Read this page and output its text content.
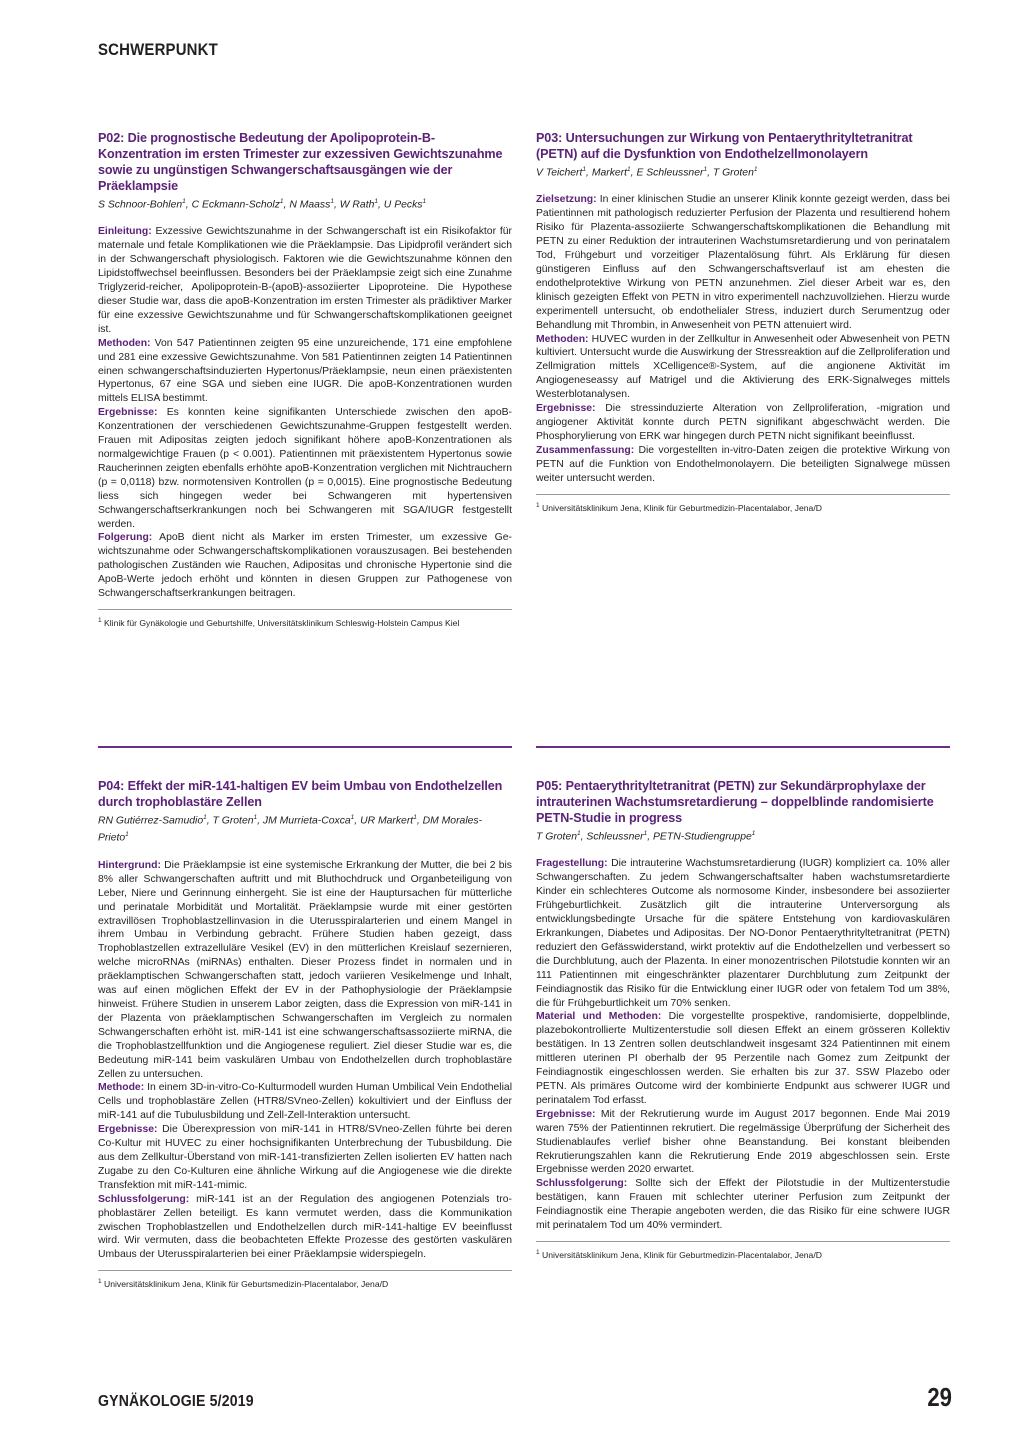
SCHWERPUNKT
P02: Die prognostische Bedeutung der Apolipoprotein-B-Konzentration im ersten Trimester zur exzessiven Gewichtszunahme sowie zu ungünstigen Schwangerschaftsausgängen wie der Präeklampsie
S Schnoor-Bohlen$^1$, C Eckmann-Scholz$^1$, N Maass$^1$, W Rath$^1$, U Pecks$^1$

Einleitung: Exzessive Gewichtszunahme in der Schwangerschaft ist ein Risikofaktor für maternale und fetale Komplikationen wie die Präeklampsie. Das Lipidprofil verändert sich in der Schwangerschaft physiologisch. Faktoren wie die Gewichtszunahme können den Lipidstoffwechsel beeinflussen. Besonders bei der Präeklampsie zeigt sich eine Zunahme Triglyzerid-reicher, Apolipoprotein-B-(apoB)-assoziierter Lipoproteine. Die Hypothese dieser Studie war, dass die apoB-Konzentration im ersten Trimester als prädiktiver Marker für eine exzessive Gewichtszunahme und für Schwangerschaftskomplikationen geeignet ist.

Methoden: Von 547 Patientinnen zeigten 95 eine unzureichende, 171 eine empfohlene und 281 eine exzessive Gewichtszunahme. Von 581 Patientinnen zeigten 14 Patientinnen einen schwangerschaftsinduzierten Hypertonus/Präeklampsie, neun einen präexistenten Hypertonus, 67 eine SGA und sieben eine IUGR. Die apoB-Konzentrationen wurden mittels ELISA bestimmt.

Ergebnisse: Es konnten keine signifikanten Unterschiede zwischen den apoB-Konzentrationen der verschiedenen Gewichtszunahme-Gruppen festgestellt werden. Frauen mit Adipositas zeigten jedoch signifikant höhere apoB-Konzentrationen als normalgewichtige Frauen (p < 0.001). Patientinnen mit präexistentem Hypertonus sowie Raucherinnen zeigten ebenfalls erhöhte apoB-Konzentration verglichen mit Nichtrauchern (p = 0,0118) bzw. normotensiven Kontrollen (p = 0,0015). Eine prognostische Bedeutung liess sich hingegen weder bei Schwangeren mit hypertensiven Schwangerschaftserkrankungen noch bei Schwangeren mit SGA/IUGR festgestellt werden.

Folgerung: ApoB dient nicht als Marker im ersten Trimester, um exzessive Gewichtszunahme oder Schwangerschaftskomplikationen vorauszusagen. Bei bestehenden pathologischen Zuständen wie Rauchen, Adipositas und chronische Hypertonie sind die ApoB-Werte jedoch erhöht und könnten in diesen Gruppen zur Pathogenese von Schwangerschaftserkrankungen beitragen.

$^1$ Klinik für Gynäkologie und Geburtshilfe, Universitätsklinikum Schleswig-Holstein Campus Kiel
P03: Untersuchungen zur Wirkung von Pentaerythrityltetranitrat (PETN) auf die Dysfunktion von Endothelzellmonolayern
V Teichert$^1$, Markert$^1$, E Schleussner$^1$, T Groten$^1$

Zielsetzung: In einer klinischen Studie an unserer Klinik konnte gezeigt werden, dass bei Patientinnen mit pathologisch reduzierter Perfusion der Plazenta und resultierend hohem Risiko für Plazenta-assoziierte Schwangerschaftskomplikationen die Behandlung mit PETN zu einer Reduktion der intrauterinen Wachstumsretardierung und von perinatalem Tod, Frühgeburt und vorzeitiger Plazentalösung führt. Als Erklärung für diesen günstigeren Einfluss auf den Schwangerschaftsverlauf ist am ehesten die endothelprotektive Wirkung von PETN anzunehmen. Ziel dieser Arbeit war es, den klinisch gezeigten Effekt von PETN in vitro experimentell nachzuvollziehen. Hierzu wurde experimentell untersucht, ob endothelialer Stress, induziert durch Serumentzug oder Behandlung mit Thrombin, in Anwesenheit von PETN attenuiert wird.

Methoden: HUVEC wurden in der Zellkultur in Anwesenheit oder Abwesenheit von PETN kultiviert. Untersucht wurde die Auswirkung der Stressreaktion auf die Zellproliferation und Zellmigration mittels XCelligence®-System, auf die angionene Aktivität im Angiogeneseassy auf Matrigel und die Aktivierung des ERK-Signalweges mittels Westerblotanalysen.

Ergebnisse: Die stressinduzierte Alteration von Zellproliferation, -migration und angiogener Aktivität konnte durch PETN signifikant abgeschwächt werden. Die Phosphorylierung von ERK war hingegen durch PETN nicht signifikant beeinflusst.

Zusammenfassung: Die vorgestellten in-vitro-Daten zeigen die protektive Wirkung von PETN auf die Funktion von Endothelmonolayern. Die beteiligten Signalwege müssen weiter untersucht werden.

$^1$ Universitätsklinikum Jena, Klinik für Geburtmedizin-Placentalabor, Jena/D
P04: Effekt der miR-141-haltigen EV beim Umbau von Endothelzellen durch trophoblastäre Zellen
RN Gutiérrez-Samudio$^1$, T Groten$^1$, JM Murrieta-Coxca$^1$, UR Markert$^1$, DM Morales-Prieto$^1$

Hintergrund: Die Präeklampsie ist eine systemische Erkrankung der Mutter, die bei 2 bis 8% aller Schwangerschaften auftritt und mit Bluthochdruck und Organbeteiligung von Leber, Niere und Gerinnung einhergeht. Sie ist eine der Hauptursachen für mütterliche und perinatale Morbidität und Mortalität. Präeklampsie wurde mit einer gestörten extravillösen Trophoblastzellinvasion in die Uterusspiralarterien und einem Mangel in ihrem Umbau in Verbindung gebracht. Frühere Studien haben gezeigt, dass Trophoblastzellen extrazelluläre Vesikel (EV) in den mütterlichen Kreislauf sezernieren, welche microRNAs (miRNAs) enthalten. Dieser Prozess findet in normalen und in präeklamptischen Schwangerschaften statt, jedoch variieren Vesikelmenge und Inhalt, was auf einen möglichen Effekt der EV in der Pathophysiologie der Präeklampsie hinweist. Frühere Studien in unserem Labor zeigten, dass die Expression von miR-141 in der Plazenta von präeklamptischen Schwangerschaften im Vergleich zu normalen Schwangerschaften erhöht ist. miR-141 ist eine schwangerschaftsassoziierte miRNA, die die Trophoblastzellfunktion und die Angiogenese reguliert. Ziel dieser Studie war es, die Bedeutung miR-141 beim vaskulären Umbau von Endothelzellen durch trophoblastäre Zellen zu untersuchen.

Methode: In einem 3D-in-vitro-Co-Kulturmodell wurden Human Umbilical Vein Endothelial Cells und trophoblastäre Zellen (HTR8/SVneo-Zellen) kokultiviert und der Einfluss der miR-141 auf die Tubulusbildung und Zell-Zell-Interaktion untersucht.

Ergebnisse: Die Überexpression von miR-141 in HTR8/SVneo-Zellen führte bei deren Co-Kultur mit HUVEC zu einer hochsignifikanten Unterbrechung der Tubusbildung. Die aus dem Zellkultur-Überstand von miR-141-transfizierten Zellen isolierten EV hatten nach Zugabe zu den Co-Kulturen eine ähnliche Wirkung auf die Angiogenese wie die direkte Transfektion mit miR-141-mimic.

Schlussfolgerung: miR-141 ist an der Regulation des angiogenen Potenzials trophoblastärer Zellen beteiligt. Es kann vermutet werden, dass die Kommunikation zwischen Trophoblastzellen und Endothelzellen durch miR-141-haltige EV beeinflusst wird. Wir vermuten, dass die beobachteten Effekte Prozesse des gestörten vaskulären Umbaus der Uterusspiralarterien bei einer Präeklampsie widerspiegeln.

$^1$ Universitätsklinikum Jena, Klinik für Geburtsmedizin-Placentalabor, Jena/D
P05: Pentaerythrityltetranitrat (PETN) zur Sekundärprophylaxe der intrauterinen Wachstumsretardierung – doppelblinde randomisierte PETN-Studie in progress
T Groten$^1$, Schleussner$^1$, PETN-Studiengruppe$^1$

Fragestellung: Die intrauterine Wachstumsretardierung (IUGR) kompliziert ca. 10% aller Schwangerschaften. Zu jedem Schwangerschaftsalter haben wachstumsretardierte Kinder ein schlechteres Outcome als normosome Kinder, insbesondere bei assoziierter Frühgeburtlichkeit. Zusätzlich gilt die intrauterine Unterversorgung als entwicklungsbedingte Ursache für die spätere Entstehung von kardiovaskulären Erkrankungen, Diabetes und Adipositas. Der NO-Donor Pentaerythrityltetranitrat (PETN) reduziert den Gefässwiderstand, wirkt protektiv auf die Endothelzellen und verbessert so die Durchblutung, auch der Plazenta. In einer monozentrischen Pilotstudie konnten wir an 111 Patientinnen mit eingeschränkter plazentarer Durchblutung zum Zeitpunkt der Feindiagnostik das Risiko für die Entwicklung einer IUGR oder von fetalem Tod um 38%, die für Frühgeburtlichkeit um 70% senken.

Material und Methoden: Die vorgestellte prospektive, randomisierte, doppelblinde, plazebokontrollierte Multizenterstudie soll diesen Effekt an einem grösseren Kollektiv bestätigen. In 13 Zentren sollen deutschlandweit insgesamt 324 Patientinnen mit einem mittleren uterinen PI oberhalb der 95 Perzentile nach Gomez zum Zeitpunkt der Feindiagnostik eingeschlossen werden. Sie erhalten bis zur 37. SSW Plazebo oder PETN. Als primäres Outcome wird der kombinierte Endpunkt aus schwerer IUGR und perinatalem Tod erfasst.

Ergebnisse: Mit der Rekrutierung wurde im August 2017 begonnen. Ende Mai 2019 waren 75% der Patientinnen rekrutiert. Die regelmässige Überprüfung der Sicherheit des Studienablaufes verlief bisher ohne Beanstandung. Bei konstant bleibenden Rekrutierungszahlen kann die Rekrutierung Ende 2019 abgeschlossen sein. Erste Ergebnisse werden 2020 erwartet.

Schlussfolgerung: Sollte sich der Effekt der Pilotstudie in der Multizenterstudie bestätigen, kann Frauen mit schlechter uteriner Perfusion zum Zeitpunkt der Feindiagnostik eine Therapie angeboten werden, die das Risiko für eine schwere IUGR mit perinatalem Tod um 40% vermindert.

$^1$ Universitätsklinikum Jena, Klinik für Geburtmedizin-Placentalabor, Jena/D
GYNÄKOLOGIE 5/2019	29
